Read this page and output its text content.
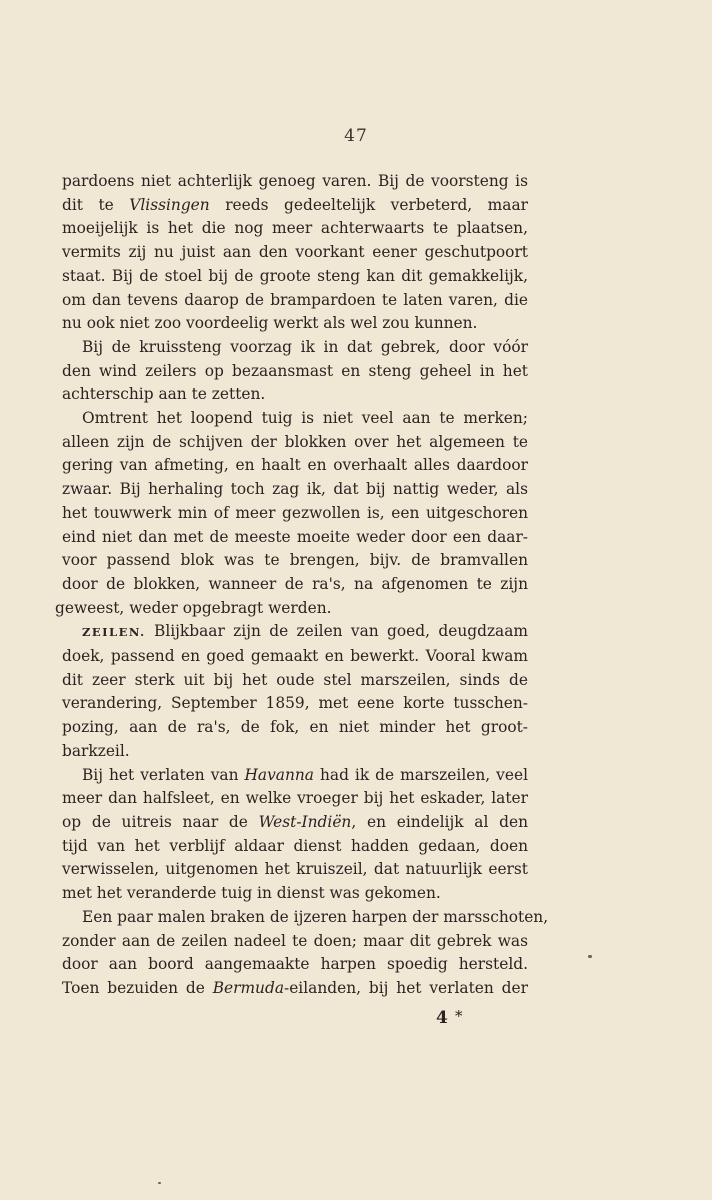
47
pardoens niet achterlijk genoeg varen. Bij de voorsteng is
dit te Vlissingen reeds gedeeltelijk verbeterd, maar
moeijelijk is het die nog meer achterwaarts te plaatsen,
vermits zij nu juist aan den voorkant eener geschutpoort
staat. Bij de stoel bij de groote steng kan dit gemakkelijk,
om dan tevens daarop de brampardoen te laten varen, die
nu ook niet zoo voordeelig werkt als wel zou kunnen.
Bij de kruissteng voorzag ik in dat gebrek, door vóór
den wind zeilers op bezaansmast en steng geheel in het
achterschip aan te zetten.
Omtrent het loopend tuig is niet veel aan te merken;
alleen zijn de schijven der blokken over het algemeen te
gering van afmeting, en haalt en overhaalt alles daardoor
zwaar. Bij herhaling toch zag ik, dat bij nattig weder, als
het touwwerk min of meer gezwollen is, een uitgeschoren
eind niet dan met de meeste moeite weder door een daar-
voor passend blok was te brengen, bijv. de bramvallen
door de blokken, wanneer de ra's, na afgenomen te zijn
geweest, weder opgebragt werden.
ZEILEN. Blijkbaar zijn de zeilen van goed, deugdzaam
doek, passend en goed gemaakt en bewerkt. Vooral kwam
dit zeer sterk uit bij het oude stel marszeilen, sinds de
verandering, September 1859, met eene korte tusschen-
pozing, aan de ra's, de fok, en niet minder het groot-
barkzeil.
Bij het verlaten van Havanna had ik de marszeilen, veel
meer dan halfsleet, en welke vroeger bij het eskader, later
op de uitreis naar de West-Indiën, en eindelijk al den
tijd van het verblijf aldaar dienst hadden gedaan, doen
verwisselen, uitgenomen het kruiszeil, dat natuurlijk eerst
met het veranderde tuig in dienst was gekomen.
Een paar malen braken de ijzeren harpen der marsschoten,
zonder aan de zeilen nadeel te doen; maar dit gebrek was
door aan boord aangemaakte harpen spoedig hersteld.
Toen bezuiden de Bermuda-eilanden, bij het verlaten der
4 *
